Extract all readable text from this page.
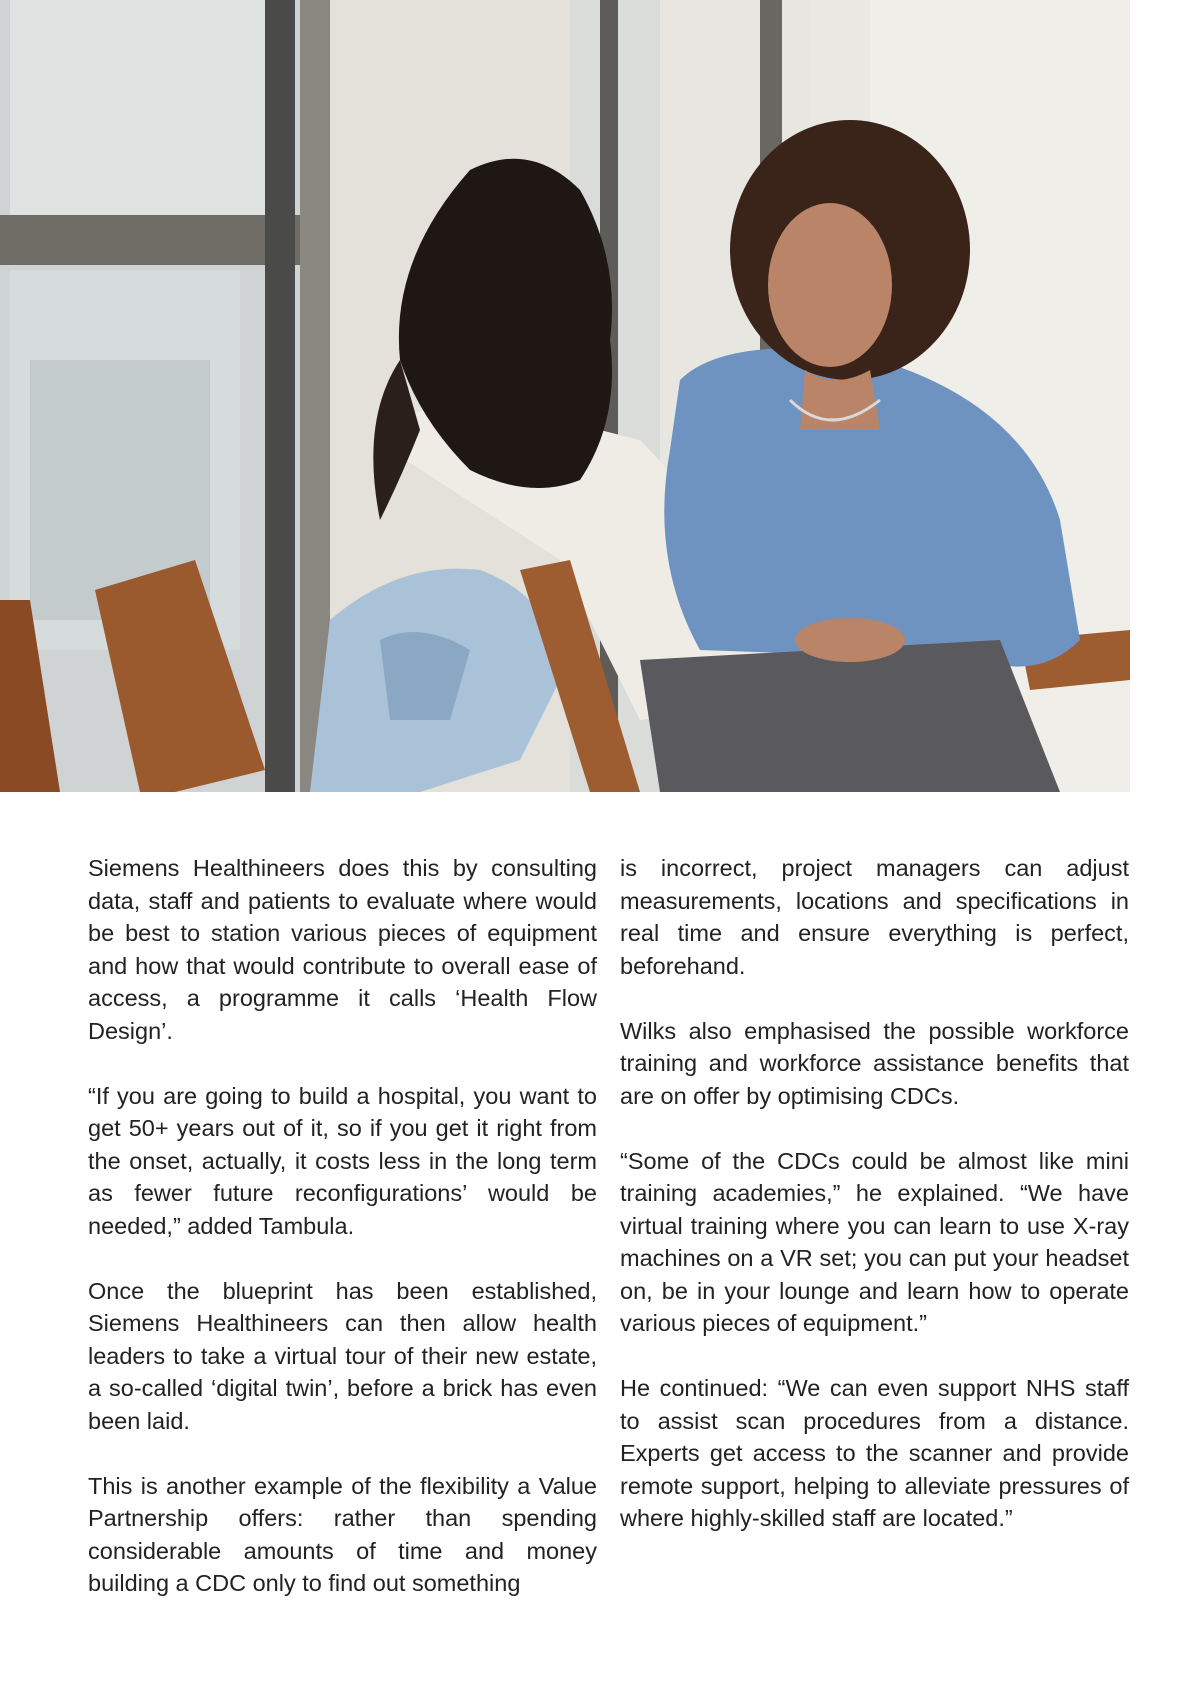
Siemens Healthineers does this by consulting data, staff and patients to evaluate where would be best to station various pieces of equipment and how that would contribute to overall ease of access, a programme it calls ‘Health Flow Design’.

“If you are going to build a hospital, you want to get 50+ years out of it, so if you get it right from the onset, actually, it costs less in the long term as fewer future reconfigurations’ would be needed,” added Tambula.

Once the blueprint has been established, Siemens Healthineers can then allow health leaders to take a virtual tour of their new estate, a so-called ‘digital twin’, before a brick has even been laid.

This is another example of the flexibility a Value Partnership offers: rather than spending considerable amounts of time and money building a CDC only to find out something

is incorrect, project managers can adjust measurements, locations and specifications in real time and ensure everything is perfect, beforehand.

Wilks also emphasised the possible workforce training and workforce assistance benefits that are on offer by optimising CDCs.

“Some of the CDCs could be almost like mini training academies,” he explained. “We have virtual training where you can learn to use X-ray machines on a VR set; you can put your headset on, be in your lounge and learn how to operate various pieces of equipment.”

He continued: “We can even support NHS staff to assist scan procedures from a distance. Experts get access to the scanner and provide remote support, helping to alleviate pressures of where highly-skilled staff are located.”
